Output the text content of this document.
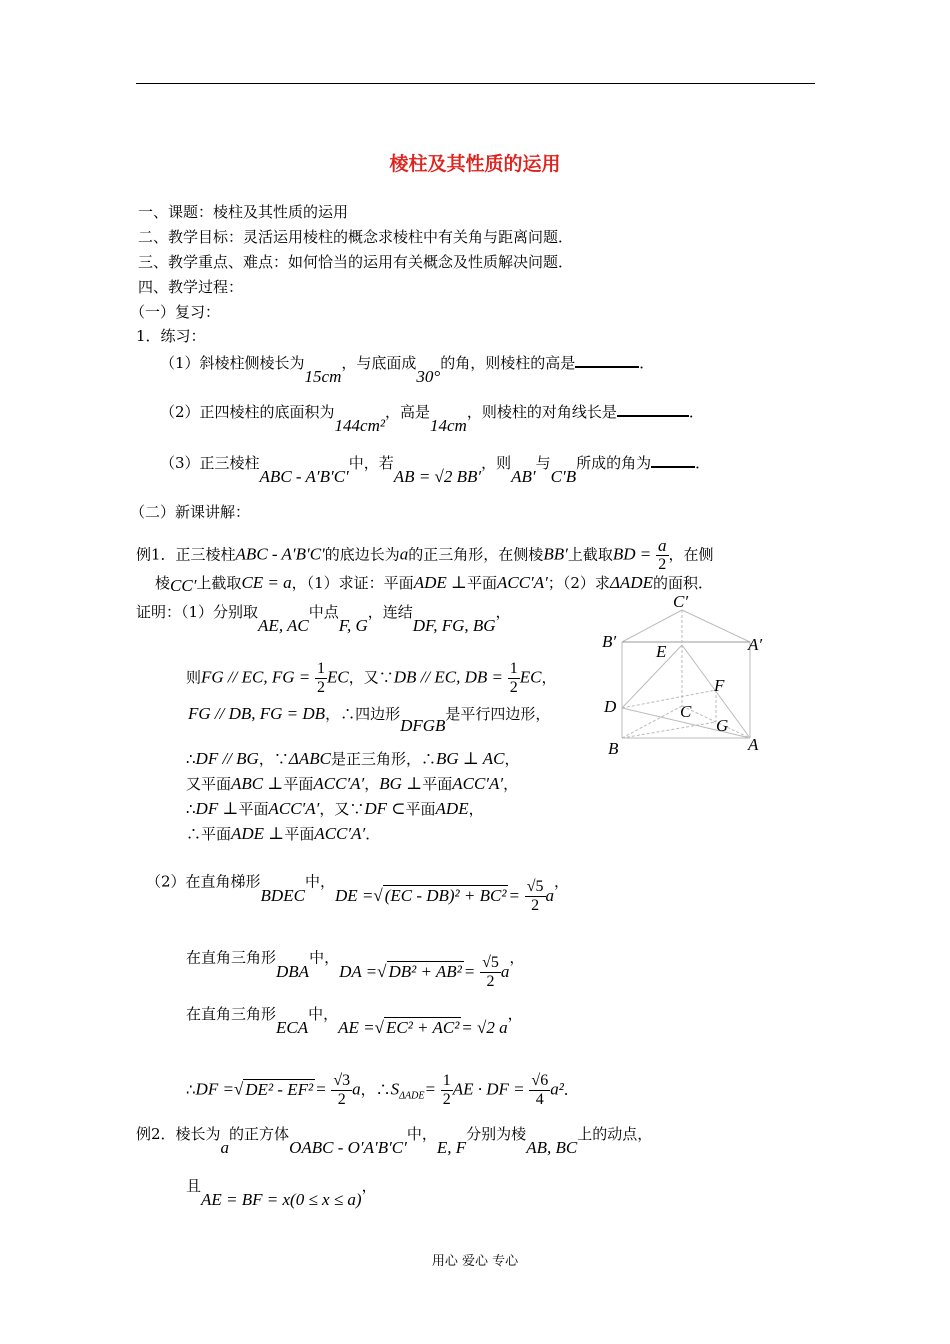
棱柱及其性质的运用
一、课题：棱柱及其性质的运用
二、教学目标：灵活运用棱柱的概念求棱柱中有关角与距离问题．
三、教学重点、难点：如何恰当的运用有关概念及性质解决问题．
四、教学过程：
（一）复习：
1．练习：
（1）斜棱柱侧棱长为15cm，与底面成30°的角，则棱柱的高是	．
（2）正四棱柱的底面积为144cm²，高是14cm，则棱柱的对角线长是	．
（3）正三棱柱ABC - A′B′C′中，若AB = √2 BB′，则AB′与C′B所成的角为	．
（二）新课讲解：
例1．正三棱柱ABC - A′B′C′的底边长为a的正三角形，在侧棱BB′上截取BD = $\frac{a}{2}$ ，在侧
棱CC′上截取CE = a，（1）求证：平面ADE ⊥平面ACC′A′；（2）求ΔADE的面积．
证明：（1）分别取AE, AC中点F, G，连结DF, FG, BG，
则FG // EC, FG = $\frac{1}{2}$ EC，又∵DB // EC, DB = $\frac{1}{2}$ EC，
FG // DB, FG = DB，∴四边形DFGB是平行四边形，
∴DF // BG，∵ΔABC是正三角形，∴BG ⊥ AC，
又平面ABC ⊥平面ACC′A′，BG ⊥平面ACC′A′，
∴DF ⊥平面ACC′A′，又∵DF ⊂平面ADE，
∴平面ADE ⊥平面ACC′A′．
C′
B′	A′
E
F
D	C
G
B	A
（2）在直角梯形BDEC中，DE =√ $(EC - DB)^2 + BC^2 = \frac{√5}{2}$ a，
在直角三角形DBA中，DA =√ $DB^2 + AB^2 = \frac{√5}{2}$ a，
在直角三角形ECA中，AE =√ EC² + AC² = √2 a，
∴DF =√ $DE^2 - EF^2 = \frac{√3}{2}$ a，$\therefore S_{\Delta ADE}= \frac{1}{2}$ AE · DF = $\frac{√6}{4} a^2$．
例2．棱长为a的正方体OABC - O′A′B′C′中，E, F分别为棱AB, BC上的动点，
且AE = BF = x(0 ≤ x ≤ a)，
用心 爱心 专心
